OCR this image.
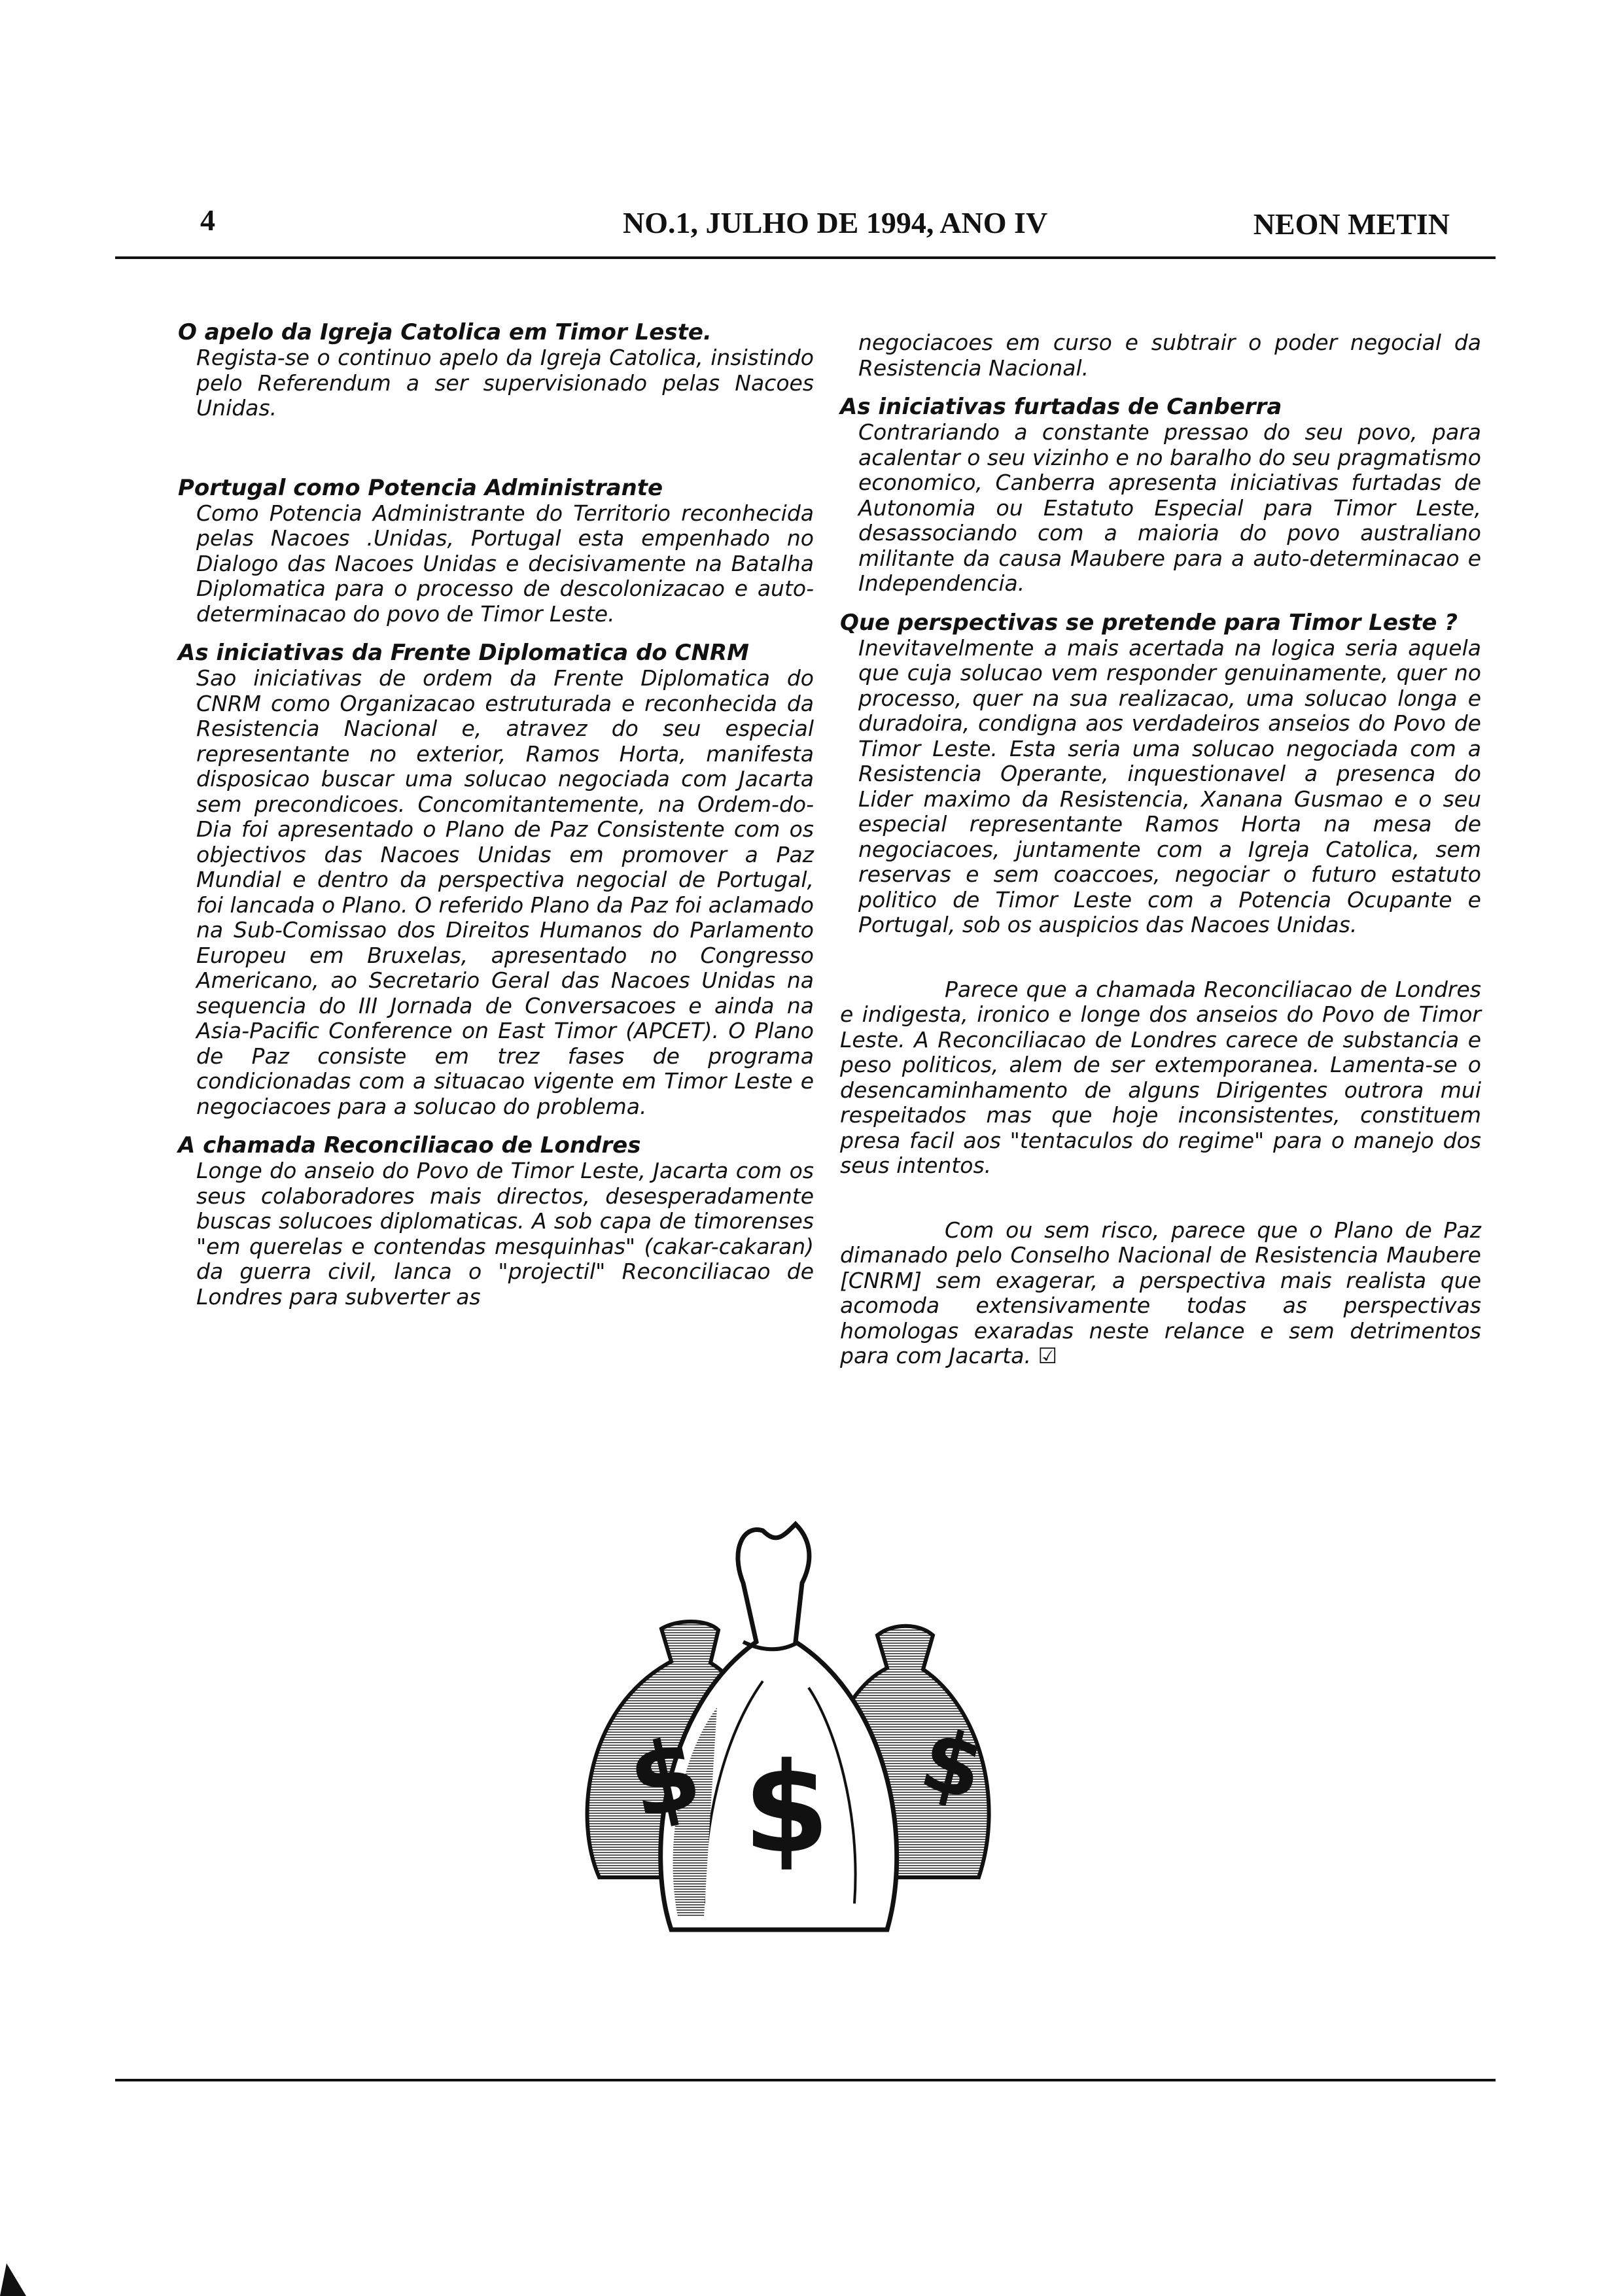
4	NO.1, JULHO DE 1994, ANO IV	NEON METIN
O apelo da Igreja Catolica em Timor Leste.

Regista-se o continuo apelo da Igreja Catolica, insistindo pelo Referendum a ser supervisionado pelas Nacoes Unidas.

Portugal como Potencia Administrante

Como Potencia Administrante do Territorio reconhecida pelas Nacoes .Unidas, Portugal esta empenhado no Dialogo das Nacoes Unidas e decisivamente na Batalha Diplomatica para o processo de descolonizacao e auto-determinacao do povo de Timor Leste.

As iniciativas da Frente Diplomatica do CNRM

Sao iniciativas de ordem da Frente Diplomatica do CNRM como Organizacao estruturada e reconhecida da Resistencia Nacional e, atravez do seu especial representante no exterior, Ramos Horta, manifesta disposicao buscar uma solucao negociada com Jacarta sem precondicoes. Concomitantemente, na Ordem-do-Dia foi apresentado o Plano de Paz Consistente com os objectivos das Nacoes Unidas em promover a Paz Mundial e dentro da perspectiva negocial de Portugal, foi lancada o Plano. O referido Plano da Paz foi aclamado na Sub-Comissao dos Direitos Humanos do Parlamento Europeu em Bruxelas, apresentado no Congresso Americano, ao Secretario Geral das Nacoes Unidas na sequencia do III Jornada de Conversacoes e ainda na Asia-Pacific Conference on East Timor (APCET). O Plano de Paz consiste em trez fases de programa condicionadas com a situacao vigente em Timor Leste e negociacoes para a solucao do problema.

A chamada Reconciliacao de Londres

Longe do anseio do Povo de Timor Leste, Jacarta com os seus colaboradores mais directos, desesperadamente buscas solucoes diplomaticas. A sob capa de timorenses "em querelas e contendas mesquinhas" (cakar-cakaran) da guerra civil, lanca o "projectil" Reconciliacao de Londres para subverter as

negociacoes em curso e subtrair o poder negocial da Resistencia Nacional.

As iniciativas furtadas de Canberra

Contrariando a constante pressao do seu povo, para acalentar o seu vizinho e no baralho do seu pragmatismo economico, Canberra apresenta iniciativas furtadas de Autonomia ou Estatuto Especial para Timor Leste, desassociando com a maioria do povo australiano militante da causa Maubere para a auto-determinacao e Independencia.

Que perspectivas se pretende para Timor Leste ?

Inevitavelmente a mais acertada na logica seria aquela que cuja solucao vem responder genuinamente, quer no processo, quer na sua realizacao, uma solucao longa e duradoira, condigna aos verdadeiros anseios do Povo de Timor Leste. Esta seria uma solucao negociada com a Resistencia Operante, inquestionavel a presenca do Lider maximo da Resistencia, Xanana Gusmao e o seu especial representante Ramos Horta na mesa de negociacoes, juntamente com a Igreja Catolica, sem reservas e sem coaccoes, negociar o futuro estatuto politico de Timor Leste com a Potencia Ocupante e Portugal, sob os auspicios das Nacoes Unidas.

Parece que a chamada Reconciliacao de Londres e indigesta, ironico e longe dos anseios do Povo de Timor Leste. A Reconciliacao de Londres carece de substancia e peso politicos, alem de ser extemporanea. Lamenta-se o desencaminhamento de alguns Dirigentes outrora mui respeitados mas que hoje inconsistentes, constituem presa facil aos "tentaculos do regime" para o manejo dos seus intentos.

Com ou sem risco, parece que o Plano de Paz dimanado pelo Conselho Nacional de Resistencia Maubere [CNRM] sem exagerar, a perspectiva mais realista que acomoda extensivamente todas as perspectivas homologas exaradas neste relance e sem detrimentos para com Jacarta. ☑

$ $ $
